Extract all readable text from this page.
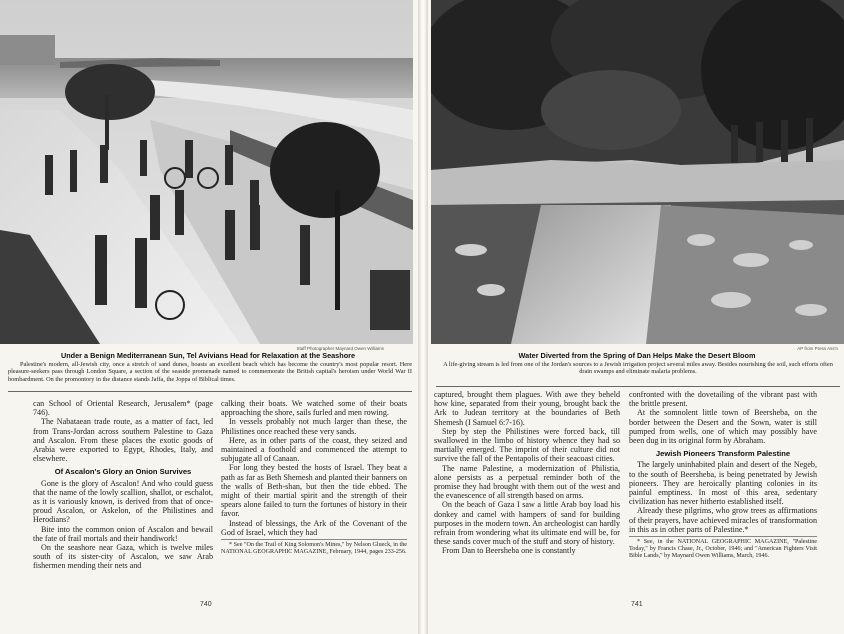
Staff Photographer Maynard Owen Williams
Under a Benign Mediterranean Sun, Tel Avivians Head for Relaxation at the Seashore
Palestine's modern, all-Jewish city, once a stretch of sand dunes, boasts an excellent beach which has become the country's most popular resort. Here pleasure-seekers pass through London Square, a section of the seaside promenade named to commemorate the British capital's heroism under World War II bombardment. On the promontory in the distance stands Jaffa, the Joppa of Biblical times.

can School of Oriental Research, Jerusalem* (page 746).

The Nabataean trade route, as a matter of fact, led from Trans-Jordan across southern Palestine to Gaza and Ascalon. From these places the exotic goods of Arabia were exported to Egypt, Rhodes, Italy, and elsewhere.

Of Ascalon's Glory an Onion Survives

Gone is the glory of Ascalon! And who could guess that the name of the lowly scallion, shallot, or eschalot, as it is variously known, is derived from that of once-proud Ascalon, or Askelon, of the Philistines and Herodians?

Bite into the common onion of Ascalon and bewail the fate of frail mortals and their handiwork!

On the seashore near Gaza, which is twelve miles south of its sister-city of Ascalon, we saw Arab fishermen mending their nets and

calking their boats. We watched some of their boats approaching the shore, sails furled and men rowing.

In vessels probably not much larger than these, the Philistines once reached these very sands.

Here, as in other parts of the coast, they seized and maintained a foothold and commenced the attempt to subjugate all of Canaan.

For long they bested the hosts of Israel. They beat a path as far as Beth Shemesh and planted their banners on the walls of Beth-shan, but then the tide ebbed. The might of their martial spirit and the strength of their spears alone failed to turn the fortunes of history in their favor.

Instead of blessings, the Ark of the Covenant of the God of Israel, which they had

* See "On the Trail of King Solomon's Mines," by Nelson Glueck, in the NATIONAL GEOGRAPHIC MAGAZINE, February, 1944, pages 233-256.

740
AP from Press Ass'n
Water Diverted from the Spring of Dan Helps Make the Desert Bloom
A life-giving stream is led from one of the Jordan's sources to a Jewish irrigation project several miles away. Besides nourishing the soil, such efforts often drain swamps and eliminate malaria problems.

captured, brought them plagues. With awe they beheld how kine, separated from their young, brought back the Ark to Judean territory at the boundaries of Beth Shemesh (I Samuel 6:7-16).

Step by step the Philistines were forced back, till swallowed in the limbo of history whence they had so martially emerged. The imprint of their culture did not survive the fall of the Pentapolis of their seacoast cities.

The name Palestine, a modernization of Philistia, alone persists as a perpetual reminder both of the promise they had brought with them out of the west and the evanescence of all strength based on arms.

On the beach of Gaza I saw a little Arab boy load his donkey and camel with hampers of sand for building purposes in the modern town. An archeologist can hardly refrain from wondering what its ultimate end will be, for these sands cover much of the stuff and story of history.

From Dan to Beersheba one is constantly

confronted with the dovetailing of the vibrant past with the brittle present.

At the somnolent little town of Beersheba, on the border between the Desert and the Sown, water is still pumped from wells, one of which may possibly have been dug in its original form by Abraham.

Jewish Pioneers Transform Palestine

The largely uninhabited plain and desert of the Negeb, to the south of Beersheba, is being penetrated by Jewish pioneers. They are heroically planting colonies in its painful emptiness. In most of this area, sedentary civilization has never hitherto established itself.

Already these pilgrims, who grow trees as affirmations of their prayers, have achieved miracles of transformation in this as in other parts of Palestine.*

* See, in the NATIONAL GEOGRAPHIC MAGAZINE, "Palestine Today," by Francis Chase, Jr., October, 1946; and "American Fighters Visit Bible Lands," by Maynard Owen Williams, March, 1946.

741
